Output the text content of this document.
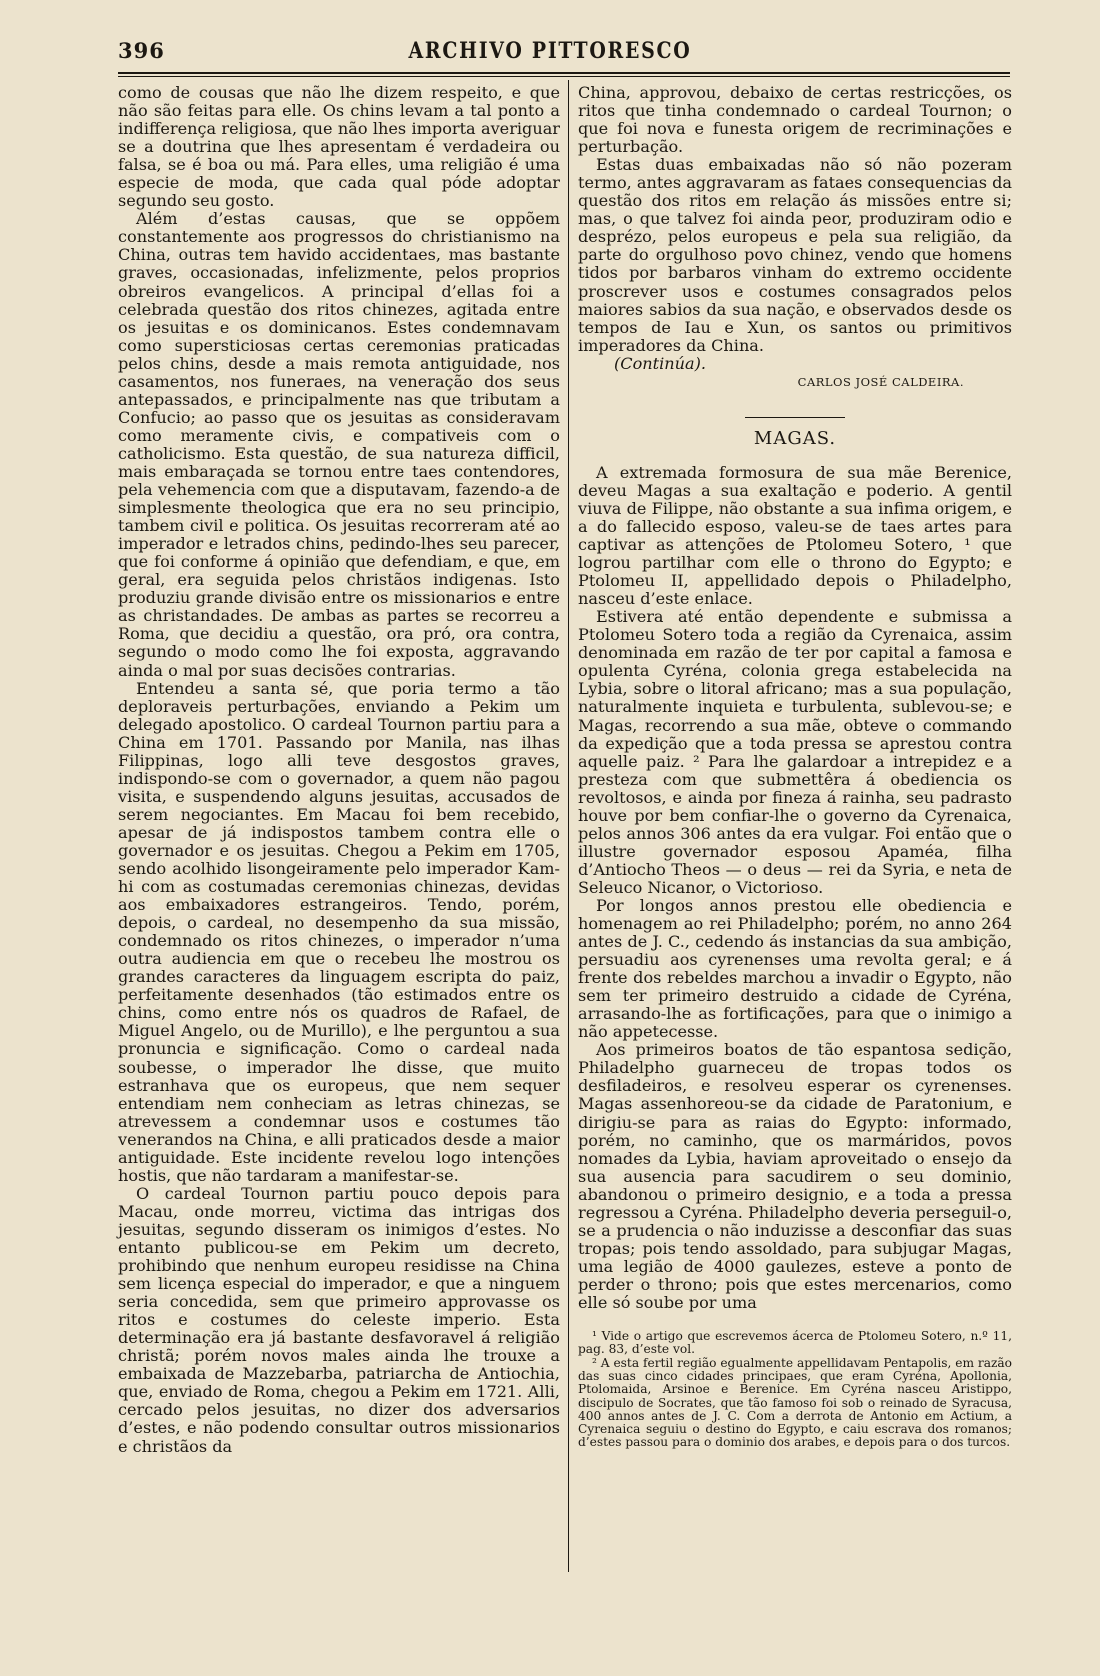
396	ARCHIVO PITTORESCO

como de cousas que não lhe dizem respeito, e que não são feitas para elle. Os chins levam a tal ponto a indifferença religiosa, que não lhes importa averiguar se a doutrina que lhes apresentam é verdadeira ou falsa, se é boa ou má. Para elles, uma religião é uma especie de moda, que cada qual póde adoptar segundo seu gosto.

Além d’estas causas, que se oppõem constantemente aos progressos do christianismo na China, outras tem havido accidentaes, mas bastante graves, occasionadas, infelizmente, pelos proprios obreiros evangelicos. A principal d’ellas foi a celebrada questão dos ritos chinezes, agitada entre os jesuitas e os dominicanos. Estes condemnavam como supersticiosas certas ceremonias praticadas pelos chins, desde a mais remota antiguidade, nos casamentos, nos funeraes, na veneração dos seus antepassados, e principalmente nas que tributam a Confucio; ao passo que os jesuitas as consideravam como meramente civis, e compativeis com o catholicismo. Esta questão, de sua natureza difficil, mais embaraçada se tornou entre taes contendores, pela vehemencia com que a disputavam, fazendo-a de simplesmente theologica que era no seu principio, tambem civil e politica. Os jesuitas recorreram até ao imperador e letrados chins, pedindo-lhes seu parecer, que foi conforme á opinião que defendiam, e que, em geral, era seguida pelos christãos indigenas. Isto produziu grande divisão entre os missionarios e entre as christandades. De ambas as partes se recorreu a Roma, que decidiu a questão, ora pró, ora contra, segundo o modo como lhe foi exposta, aggravando ainda o mal por suas decisões contrarias.

Entendeu a santa sé, que poria termo a tão deploraveis perturbações, enviando a Pekim um delegado apostolico. O cardeal Tournon partiu para a China em 1701. Passando por Manila, nas ilhas Filippinas, logo alli teve desgostos graves, indispondo-se com o governador, a quem não pagou visita, e suspendendo alguns jesuitas, accusados de serem negociantes. Em Macau foi bem recebido, apesar de já indispostos tambem contra elle o governador e os jesuitas. Chegou a Pekim em 1705, sendo acolhido lisongeiramente pelo imperador Kam-hi com as costumadas ceremonias chinezas, devidas aos embaixadores estrangeiros. Tendo, porém, depois, o cardeal, no desempenho da sua missão, condemnado os ritos chinezes, o imperador n’uma outra audiencia em que o recebeu lhe mostrou os grandes caracteres da linguagem escripta do paiz, perfeitamente desenhados (tão estimados entre os chins, como entre nós os quadros de Rafael, de Miguel Angelo, ou de Murillo), e lhe perguntou a sua pronuncia e significação. Como o cardeal nada soubesse, o imperador lhe disse, que muito estranhava que os europeus, que nem sequer entendiam nem conheciam as letras chinezas, se atrevessem a condemnar usos e costumes tão venerandos na China, e alli praticados desde a maior antiguidade. Este incidente revelou logo intenções hostis, que não tardaram a manifestar-se.

O cardeal Tournon partiu pouco depois para Macau, onde morreu, victima das intrigas dos jesuitas, segundo disseram os inimigos d’estes. No entanto publicou-se em Pekim um decreto, prohibindo que nenhum europeu residisse na China sem licença especial do imperador, e que a ninguem seria concedida, sem que primeiro approvasse os ritos e costumes do celeste imperio. Esta determinação era já bastante desfavoravel á religião christã; porém novos males ainda lhe trouxe a embaixada de Mazzebarba, patriarcha de Antiochia, que, enviado de Roma, chegou a Pekim em 1721. Alli, cercado pelos jesuitas, no dizer dos adversarios d’estes, e não podendo consultar outros missionarios e christãos da

China, approvou, debaixo de certas restricções, os ritos que tinha condemnado o cardeal Tournon; o que foi nova e funesta origem de recriminações e perturbação.

Estas duas embaixadas não só não pozeram termo, antes aggravaram as fataes consequencias da questão dos ritos em relação ás missões entre si; mas, o que talvez foi ainda peor, produziram odio e desprézo, pelos europeus e pela sua religião, da parte do orgulhoso povo chinez, vendo que homens tidos por barbaros vinham do extremo occidente proscrever usos e costumes consagrados pelos maiores sabios da sua nação, e observados desde os tempos de Iau e Xun, os santos ou primitivos imperadores da China.

(Continúa).

CARLOS JOSÉ CALDEIRA.

MAGAS.

A extremada formosura de sua mãe Berenice, deveu Magas a sua exaltação e poderio. A gentil viuva de Filippe, não obstante a sua infima origem, e a do fallecido esposo, valeu-se de taes artes para captivar as attenções de Ptolomeu Sotero, ¹ que logrou partilhar com elle o throno do Egypto; e Ptolomeu II, appellidado depois o Philadelpho, nasceu d’este enlace.

Estivera até então dependente e submissa a Ptolomeu Sotero toda a região da Cyrenaica, assim denominada em razão de ter por capital a famosa e opulenta Cyréna, colonia grega estabelecida na Lybia, sobre o litoral africano; mas a sua população, naturalmente inquieta e turbulenta, sublevou-se; e Magas, recorrendo a sua mãe, obteve o commando da expedição que a toda pressa se aprestou contra aquelle paiz. ² Para lhe galardoar a intrepidez e a presteza com que submettêra á obediencia os revoltosos, e ainda por fineza á rainha, seu padrasto houve por bem confiar-lhe o governo da Cyrenaica, pelos annos 306 antes da era vulgar. Foi então que o illustre governador esposou Apaméa, filha d’Antiocho Theos — o deus — rei da Syria, e neta de Seleuco Nicanor, o Victorioso.

Por longos annos prestou elle obediencia e homenagem ao rei Philadelpho; porém, no anno 264 antes de J. C., cedendo ás instancias da sua ambição, persuadiu aos cyrenenses uma revolta geral; e á frente dos rebeldes marchou a invadir o Egypto, não sem ter primeiro destruido a cidade de Cyréna, arrasando-lhe as fortificações, para que o inimigo a não appetecesse.

Aos primeiros boatos de tão espantosa sedição, Philadelpho guarneceu de tropas todos os desfiladeiros, e resolveu esperar os cyrenenses. Magas assenhoreou-se da cidade de Paratonium, e dirigiu-se para as raias do Egypto: informado, porém, no caminho, que os marmáridos, povos nomades da Lybia, haviam aproveitado o ensejo da sua ausencia para sacudirem o seu dominio, abandonou o primeiro designio, e a toda a pressa regressou a Cyréna. Philadelpho deveria perseguil-o, se a prudencia o não induzisse a desconfiar das suas tropas; pois tendo assoldado, para subjugar Magas, uma legião de 4000 gaulezes, esteve a ponto de perder o throno; pois que estes mercenarios, como elle só soube por uma

¹ Vide o artigo que escrevemos ácerca de Ptolomeu Sotero, n.º 11, pag. 83, d’este vol.

² A esta fertil região egualmente appellidavam Pentapolis, em razão das suas cinco cidades principaes, que eram Cyréna, Apollonia, Ptolomaida, Arsinoe e Berenice. Em Cyréna nasceu Aristippo, discipulo de Socrates, que tão famoso foi sob o reinado de Syracusa, 400 annos antes de J. C. Com a derrota de Antonio em Actium, a Cyrenaica seguiu o destino do Egypto, e caiu escrava dos romanos; d’estes passou para o dominio dos arabes, e depois para o dos turcos.
